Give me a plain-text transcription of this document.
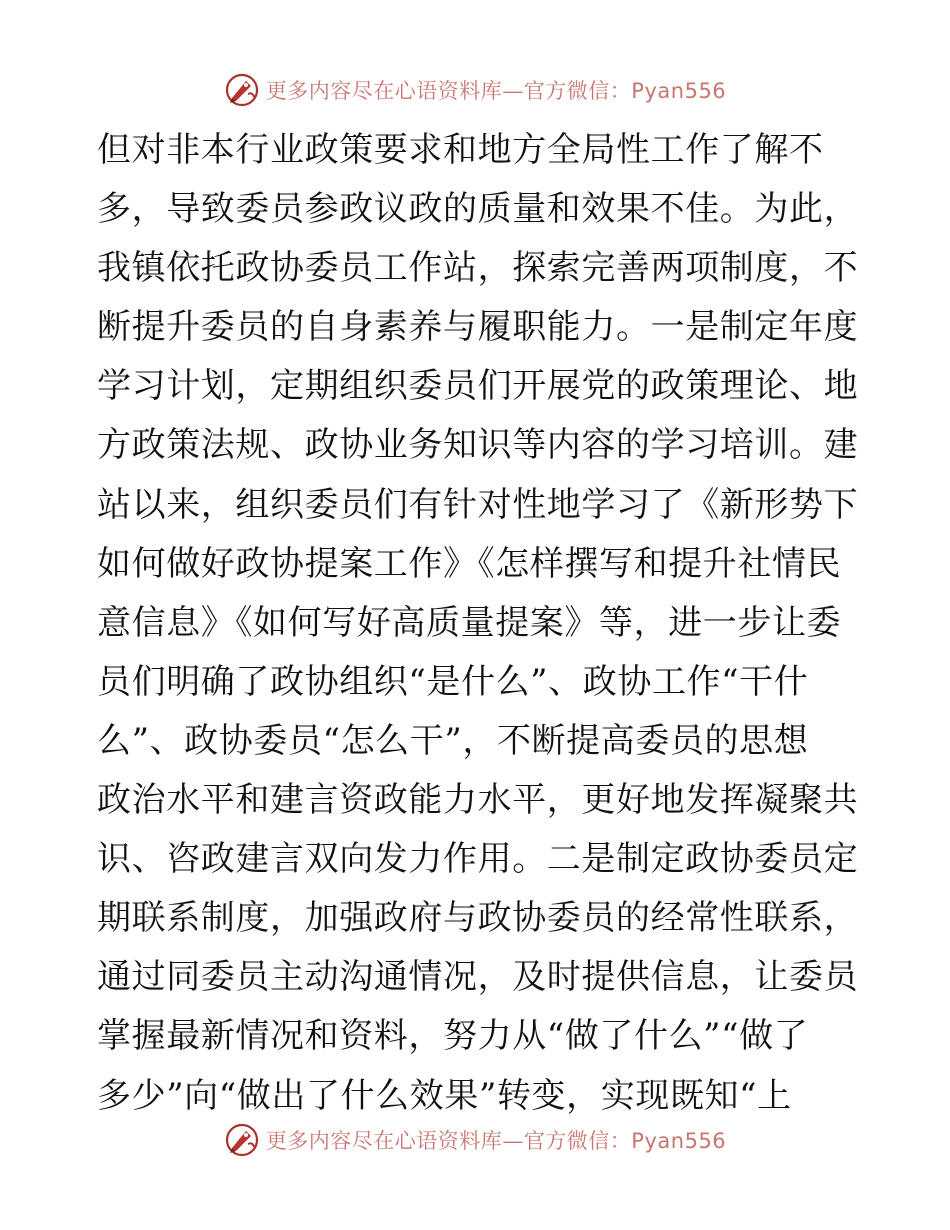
更多内容尽在心语资料库—官方微信：Pyan556
但对非本行业政策要求和地方全局性工作了解不
多，导致委员参政议政的质量和效果不佳。为此，
我镇依托政协委员工作站，探索完善两项制度，不
断提升委员的自身素养与履职能力。一是制定年度
学习计划，定期组织委员们开展党的政策理论、地
方政策法规、政协业务知识等内容的学习培训。建
站以来，组织委员们有针对性地学习了《新形势下
如何做好政协提案工作》《怎样撰写和提升社情民
意信息》《如何写好高质量提案》等，进一步让委
员们明确了政协组织“是什么”、政协工作“干什
么”、政协委员“怎么干”，不断提高委员的思想
政治水平和建言资政能力水平，更好地发挥凝聚共
识、咨政建言双向发力作用。二是制定政协委员定
期联系制度，加强政府与政协委员的经常性联系，
通过同委员主动沟通情况，及时提供信息，让委员
掌握最新情况和资料，努力从“做了什么”“做了
多少”向“做出了什么效果”转变，实现既知“上
更多内容尽在心语资料库—官方微信：Pyan556
